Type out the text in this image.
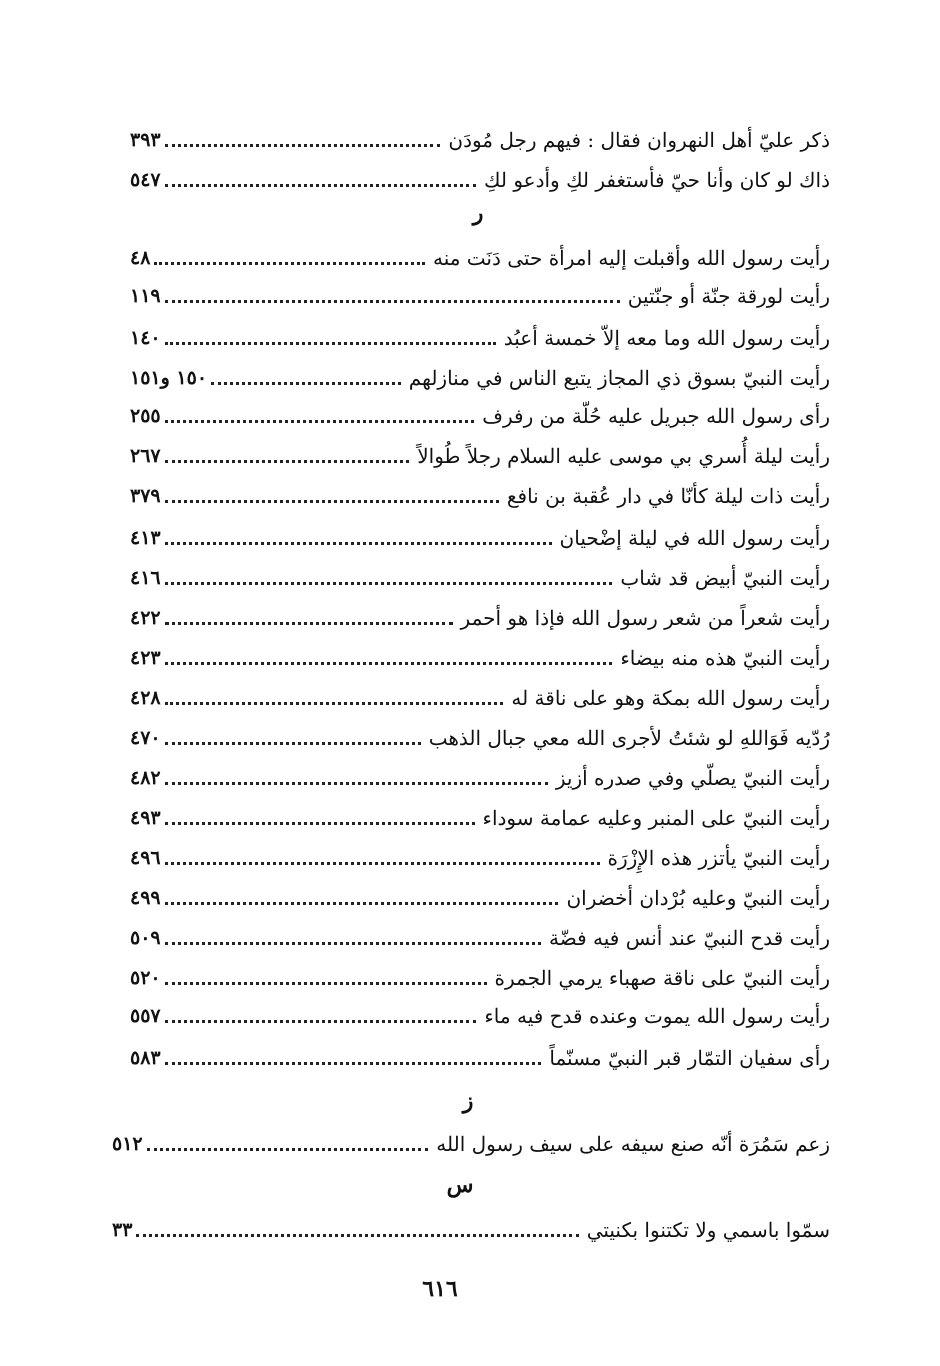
ذكر عليّ أهل النهروان فقال : فيهم رجل مُودَن
٣٩٣
ذاك لو كان وأنا حيّ فأستغفر لكِ وأدعو لكِ
٥٤٧
ر
رأيت رسول الله وأقبلت إليه امرأة حتى دَنَت منه
٤٨
رأيت لورقة جنّة أو جنّتين
١١٩
رأيت رسول الله وما معه إلاّ خمسة أعبُد
١٤٠
رأيت النبيّ بسوق ذي المجاز يتبع الناس في منازلهم
١٥٠ و١٥١
رأى رسول الله جبريل عليه حُلّة من رفرف
٢٥٥
رأيت ليلة أُسري بي موسى عليه السلام رجلاً طُوالاً
٢٦٧
رأيت ذات ليلة كأنّا في دار عُقبة بن نافع
٣٧٩
رأيت رسول الله في ليلة إضْحيان
٤١٣
رأيت النبيّ أبيض قد شاب
٤١٦
رأيت شعراً من شعر رسول الله فإذا هو أحمر
٤٢٢
رأيت النبيّ هذه منه بيضاء
٤٢٣
رأيت رسول الله بمكة وهو على ناقة له
٤٢٨
رُدّيه فَوَاللهِ لو شئتُ لأجرى الله معي جبال الذهب
٤٧٠
رأيت النبيّ يصلّي وفي صدره أزيز
٤٨٢
رأيت النبيّ على المنبر وعليه عمامة سوداء
٤٩٣
رأيت النبيّ يأتزر هذه الإِزْرَة
٤٩٦
رأيت النبيّ وعليه بُرْدان أخضران
٤٩٩
رأيت قدح النبيّ عند أنس فيه فضّة
٥٠٩
رأيت النبيّ على ناقة صهباء يرمي الجمرة
٥٢٠
رأيت رسول الله يموت وعنده قدح فيه ماء
٥٥٧
رأى سفيان التمّار قبر النبيّ مسنّماً
٥٨٣
ز
زعم سَمُرَة أنّه صنع سيفه على سيف رسول الله
٥١٢
س
سمّوا باسمي ولا تكتنوا بكنيتي
٣٣
٦١٦
